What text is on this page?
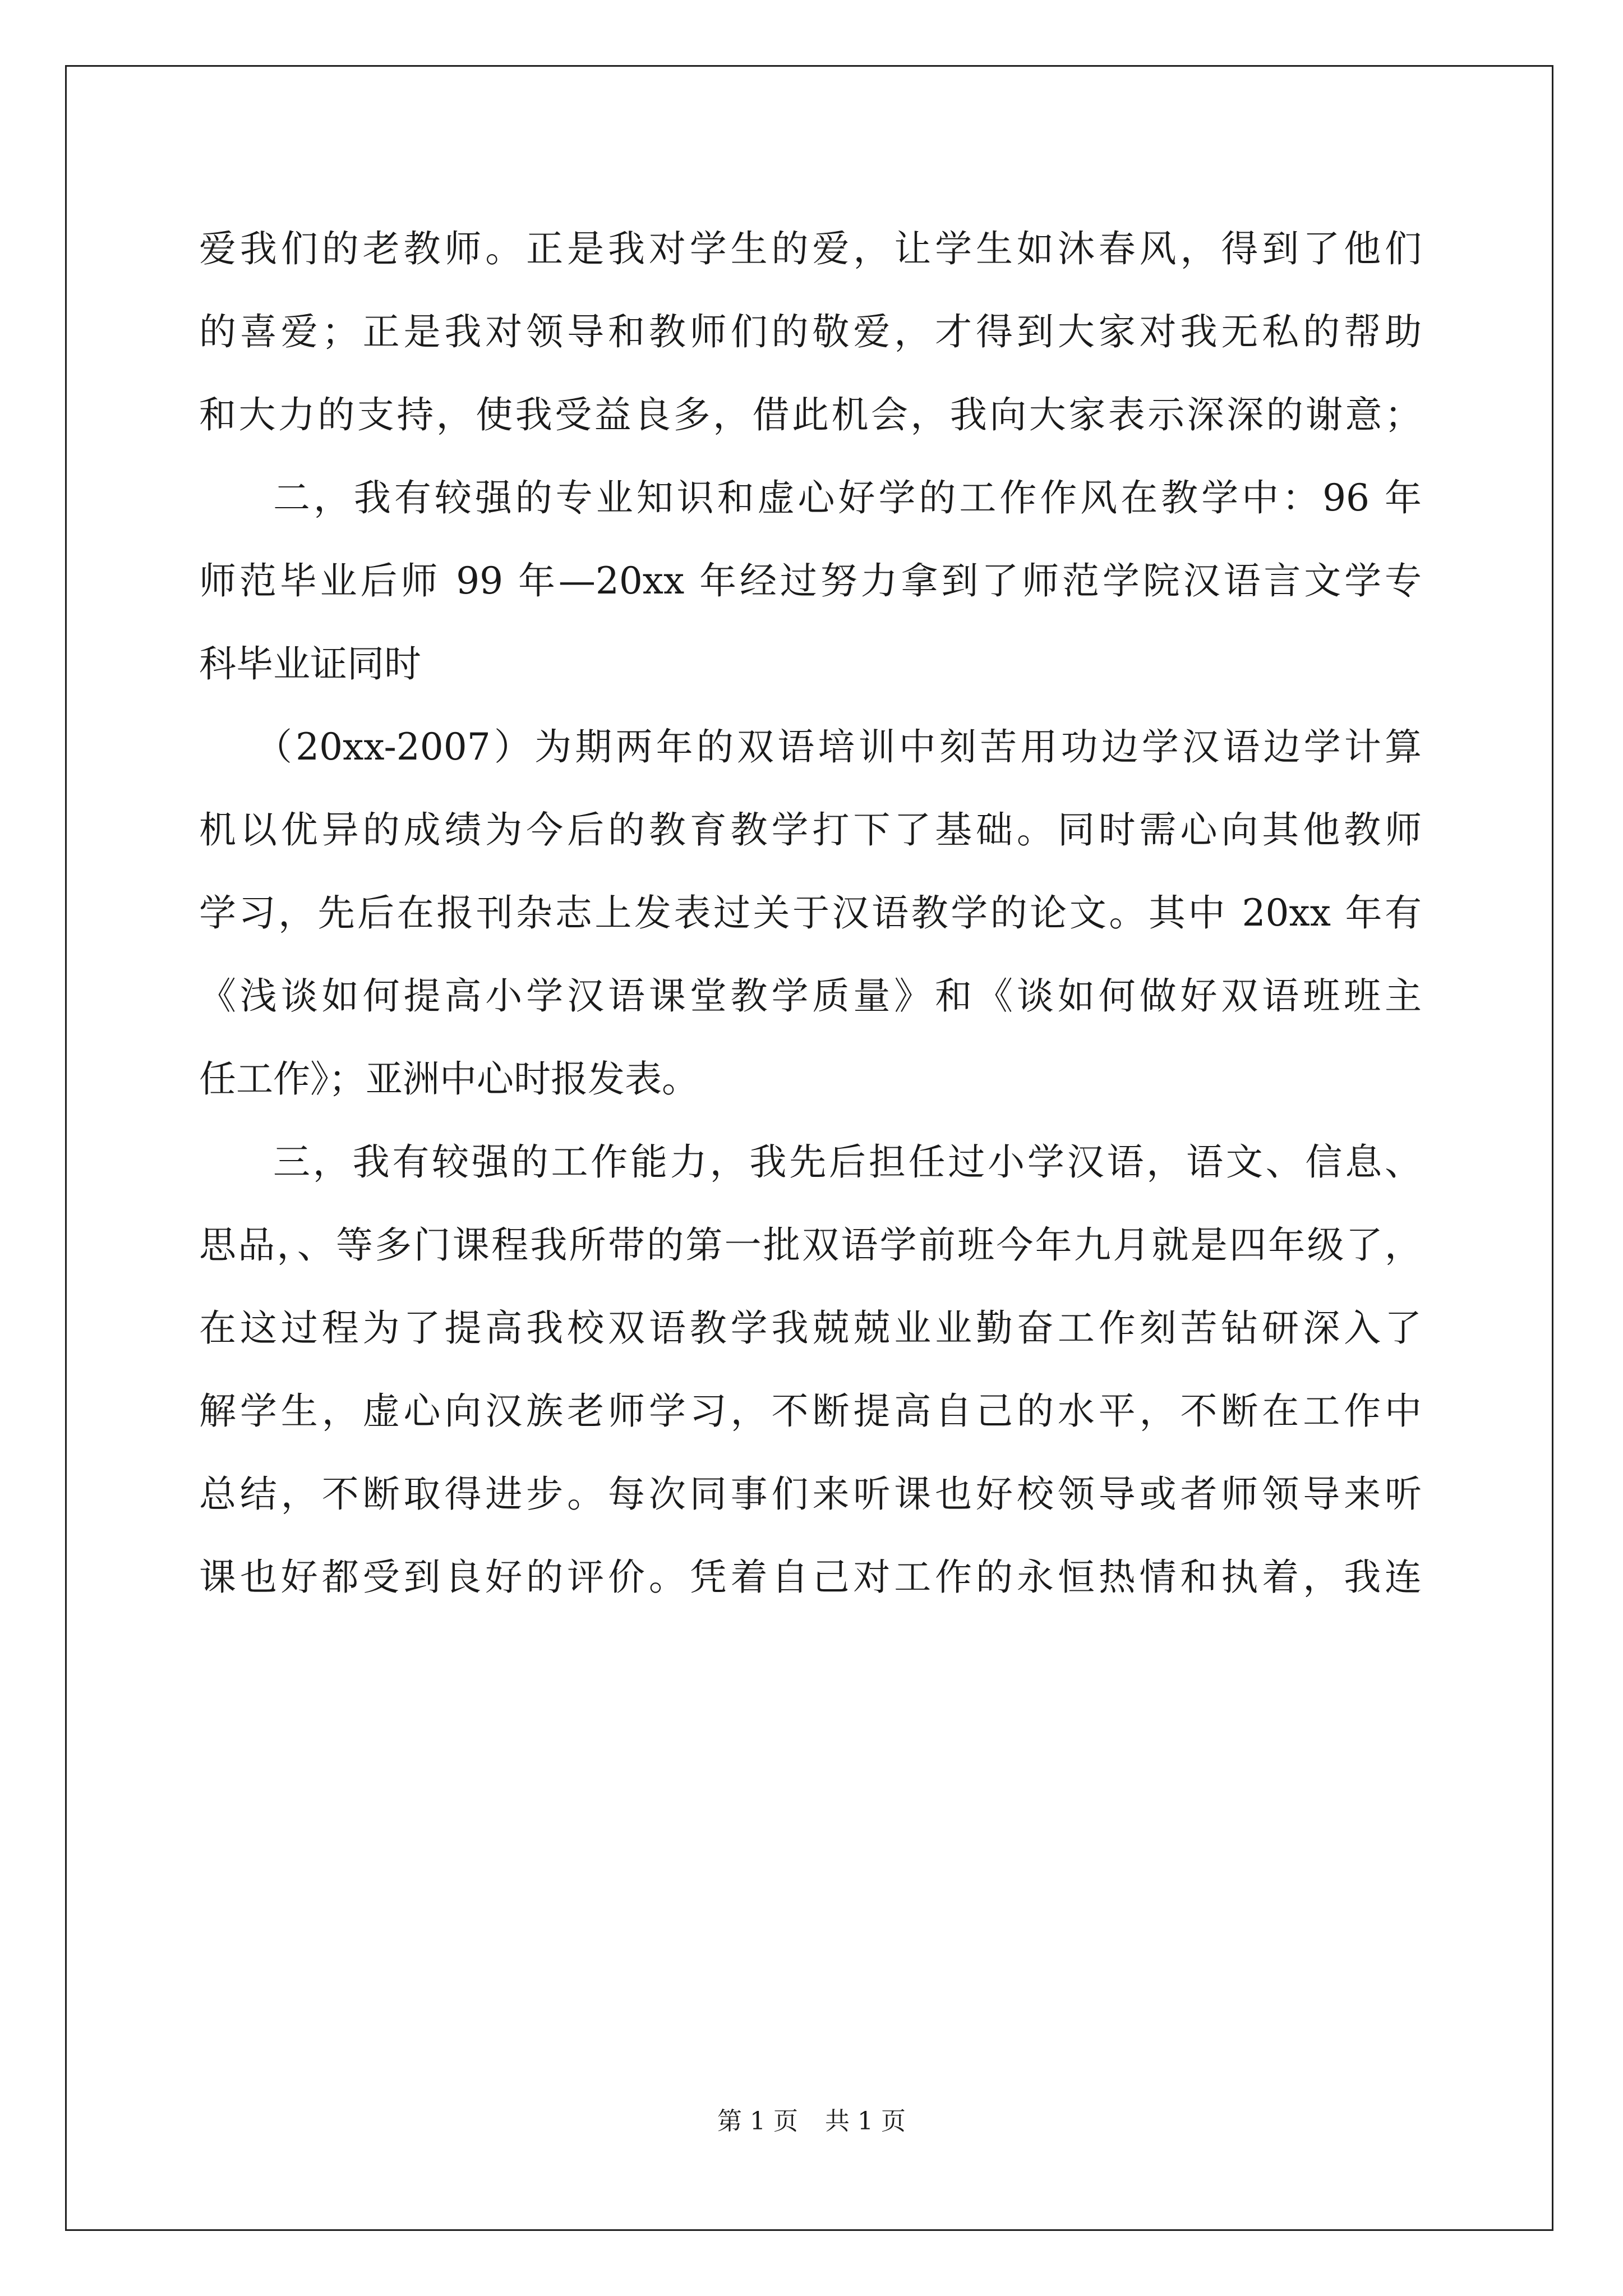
爱我们的老教师。正是我对学生的爱，让学生如沐春风，得到了他们
的喜爱；正是我对领导和教师们的敬爱，才得到大家对我无私的帮助
和大力的支持，使我受益良多，借此机会，我向大家表示深深的谢意；
二，我有较强的专业知识和虚心好学的工作作风在教学中：96 年
师范毕业后师 99 年—20xx 年经过努力拿到了师范学院汉语言文学专
科毕业证同时
（20xx-2007）为期两年的双语培训中刻苦用功边学汉语边学计算
机以优异的成绩为今后的教育教学打下了基础。同时需心向其他教师
学习，先后在报刊杂志上发表过关于汉语教学的论文。其中 20xx 年有
《浅谈如何提高小学汉语课堂教学质量》和《谈如何做好双语班班主
任工作》；亚洲中心时报发表。
三，我有较强的工作能力，我先后担任过小学汉语，语文、信息、
思品，、等多门课程我所带的第一批双语学前班今年九月就是四年级了，
在这过程为了提高我校双语教学我兢兢业业勤奋工作刻苦钻研深入了
解学生，虚心向汉族老师学习，不断提高自己的水平，不断在工作中
总结，不断取得进步。每次同事们来听课也好校领导或者师领导来听
课也好都受到良好的评价。凭着自己对工作的永恒热情和执着，我连
第 1 页 共 1 页
